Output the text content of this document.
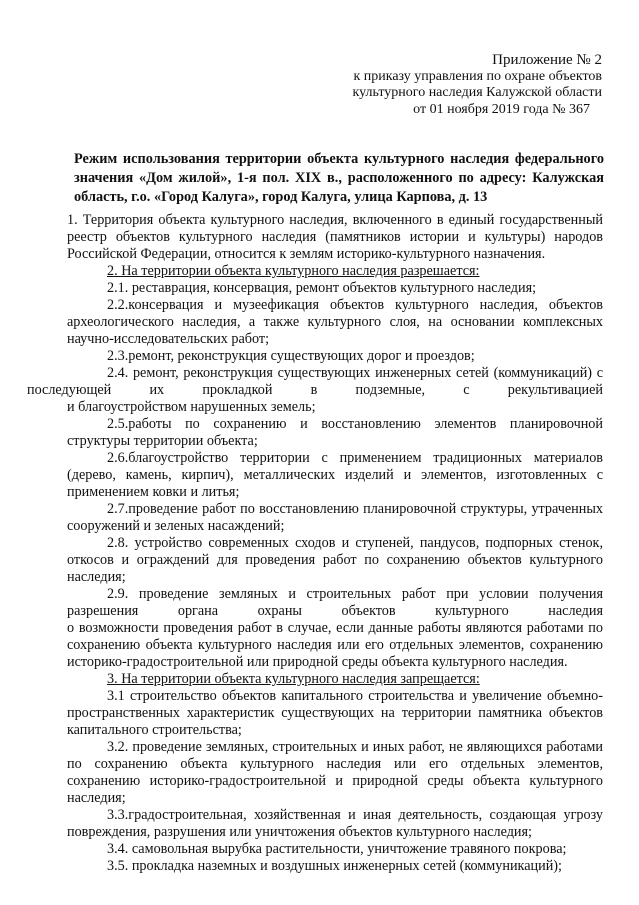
Приложение № 2
к приказу управления по охране объектов
культурного наследия Калужской области
от 01 ноября 2019 года № 367
Режим использования территории объекта культурного наследия федерального значения «Дом жилой», 1-я пол. XIX в., расположенного по адресу: Калужская область, г.о. «Город Калуга», город Калуга, улица Карпова, д. 13

1. Территория объекта культурного наследия, включенного в единый государственный реестр объектов культурного наследия (памятников истории и культуры) народов Российской Федерации, относится к землям историко-культурного назначения.

2. На территории объекта культурного наследия разрешается:

2.1. реставрация, консервация, ремонт объектов культурного наследия;

2.2.консервация и музеефикация объектов культурного наследия, объектов археологического наследия, а также культурного слоя, на основании комплексных научно-исследовательских работ;

2.3.ремонт, реконструкция существующих дорог и проездов;

2.4. ремонт, реконструкция существующих инженерных сетей (коммуникаций) с
последующей их прокладкой в подземные, с рекультивацией
и благоустройством нарушенных земель;

2.5.работы по сохранению и восстановлению элементов планировочной структуры территории объекта;

2.6.благоустройство территории с применением традиционных материалов (дерево, камень, кирпич), металлических изделий и элементов, изготовленных с применением ковки и литья;

2.7.проведение работ по восстановлению планировочной структуры, утраченных сооружений и зеленых насаждений;

2.8. устройство современных сходов и ступеней, пандусов, подпорных стенок, откосов и ограждений для проведения работ по сохранению объектов культурного наследия;

2.9. проведение земляных и строительных работ при условии получения разрешения органа охраны объектов культурного наследия

о возможности проведения работ в случае, если данные работы являются работами по сохранению объекта культурного наследия или его отдельных элементов, сохранению историко-градостроительной или природной среды объекта культурного наследия.

3. На территории объекта культурного наследия запрещается:

3.1 строительство объектов капитального строительства и увеличение объемно-пространственных характеристик существующих на территории памятника объектов капитального строительства;

3.2. проведение земляных, строительных и иных работ, не являющихся работами по сохранению объекта культурного наследия или его отдельных элементов, сохранению историко-градостроительной и природной среды объекта культурного наследия;

3.3.градостроительная, хозяйственная и иная деятельность, создающая угрозу повреждения, разрушения или уничтожения объектов культурного наследия;

3.4. самовольная вырубка растительности, уничтожение травяного покрова;

3.5. прокладка наземных и воздушных инженерных сетей (коммуникаций);
